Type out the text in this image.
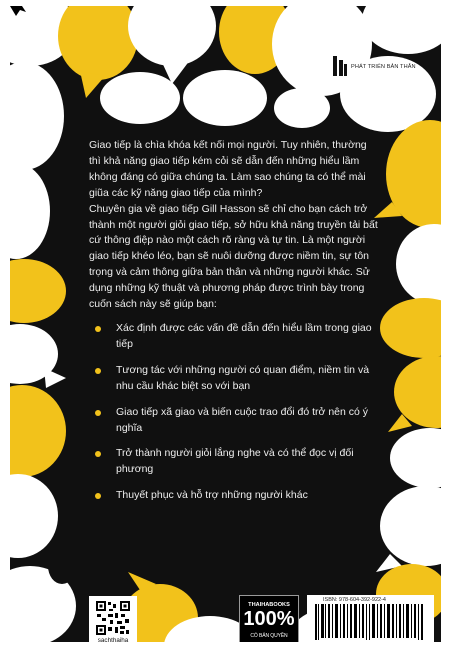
PHÁT TRIỂN BẢN THÂN

Giao tiếp là chìa khóa kết nối mọi người. Tuy nhiên, thường thì khả năng giao tiếp kém cỏi sẽ dẫn đến những hiểu lầm không đáng có giữa chúng ta. Làm sao chúng ta có thể mài giũa các kỹ năng giao tiếp của mình?

Chuyên gia về giao tiếp Gill Hasson sẽ chỉ cho bạn cách trở thành một người giỏi giao tiếp, sở hữu khả năng truyền tải bất cứ thông điệp nào một cách rõ ràng và tự tin. Là một người giao tiếp khéo léo, bạn sẽ nuôi dưỡng được niềm tin, sự tôn trọng và cảm thông giữa bản thân và những người khác. Sử dụng những kỹ thuật và phương pháp được trình bày trong cuốn sách này sẽ giúp bạn:

Xác định được các vấn đề dẫn đến hiểu lầm trong giao tiếp
Tương tác với những người có quan điểm, niềm tin và nhu cầu khác biệt so với bạn
Giao tiếp xã giao và biến cuộc trao đổi đó trở nên có ý nghĩa
Trở thành người giỏi lắng nghe và có thể đọc vị đối phương
Thuyết phục và hỗ trợ những người khác
sachthaiha
THAIHABOOKS
100%
CÓ BẢN QUYỀN
ISBN: 978-604-392-922-4
